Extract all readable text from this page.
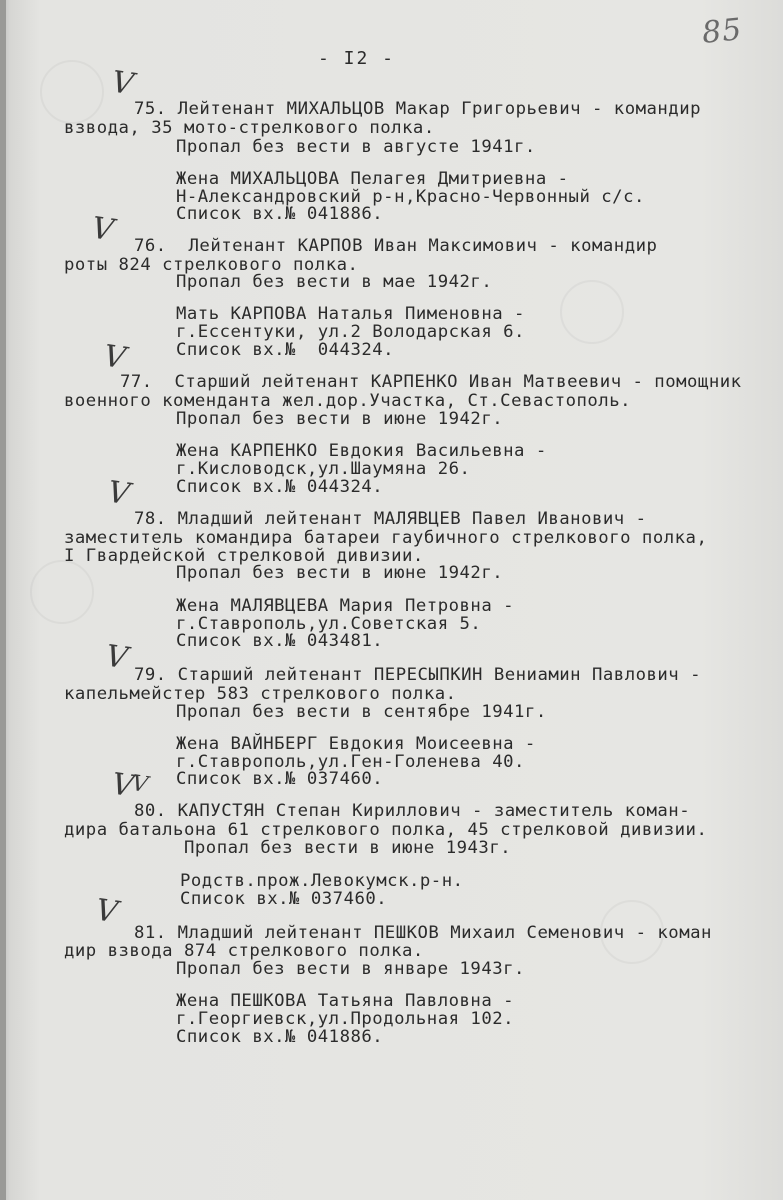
85
- I2 -
V
V
V
V
V
V
V
V
75. Лейтенант МИХАЛЬЦОВ Макар Григорьевич - командир
взвода, 35 мото-стрелкового полка.
Пропал без вести в августе 1941г.
Жена МИХАЛЬЦОВА Пелагея Дмитриевна -
Н-Александровский р-н,Красно-Червонный с/с.
Список вх.№ 041886.
76.  Лейтенант КАРПОВ Иван Максимович - командир
роты 824 стрелкового полка.
Пропал без вести в мае 1942г.
Мать КАРПОВА Наталья Пименовна -
г.Ессентуки, ул.2 Володарская 6.
Список вх.№  044324.
77.  Старший лейтенант КАРПЕНКО Иван Матвеевич - помощник
военного коменданта жел.дор.Участка, Ст.Севастополь.
Пропал без вести в июне 1942г.
Жена КАРПЕНКО Евдокия Васильевна -
г.Кисловодск,ул.Шаумяна 26.
Список вх.№ 044324.
78. Младший лейтенант МАЛЯВЦЕВ Павел Иванович -
заместитель командира батареи гаубичного стрелкового полка,
I Гвардейской стрелковой дивизии.
Пропал без вести в июне 1942г.
Жена МАЛЯВЦЕВА Мария Петровна -
г.Ставрополь,ул.Советская 5.
Список вх.№ 043481.
79. Старший лейтенант ПЕРЕСЫПКИН Вениамин Павлович -
капельмейстер 583 стрелкового полка.
Пропал без вести в сентябре 1941г.
Жена ВАЙНБЕРГ Евдокия Моисеевна -
г.Ставрополь,ул.Ген-Голенева 40.
Список вх.№ 037460.
80. КАПУСТЯН Степан Кириллович - заместитель коман-
дира батальона 61 стрелкового полка, 45 стрелковой дивизии.
Пропал без вести в июне 1943г.
Родств.прож.Левокумск.р-н.
Список вх.№ 037460.
81. Младший лейтенант ПЕШКОВ Михаил Семенович - коман
дир взвода 874 стрелкового полка.
Пропал без вести в январе 1943г.
Жена ПЕШКОВА Татьяна Павловна -
г.Георгиевск,ул.Продольная 102.
Список вх.№ 041886.
